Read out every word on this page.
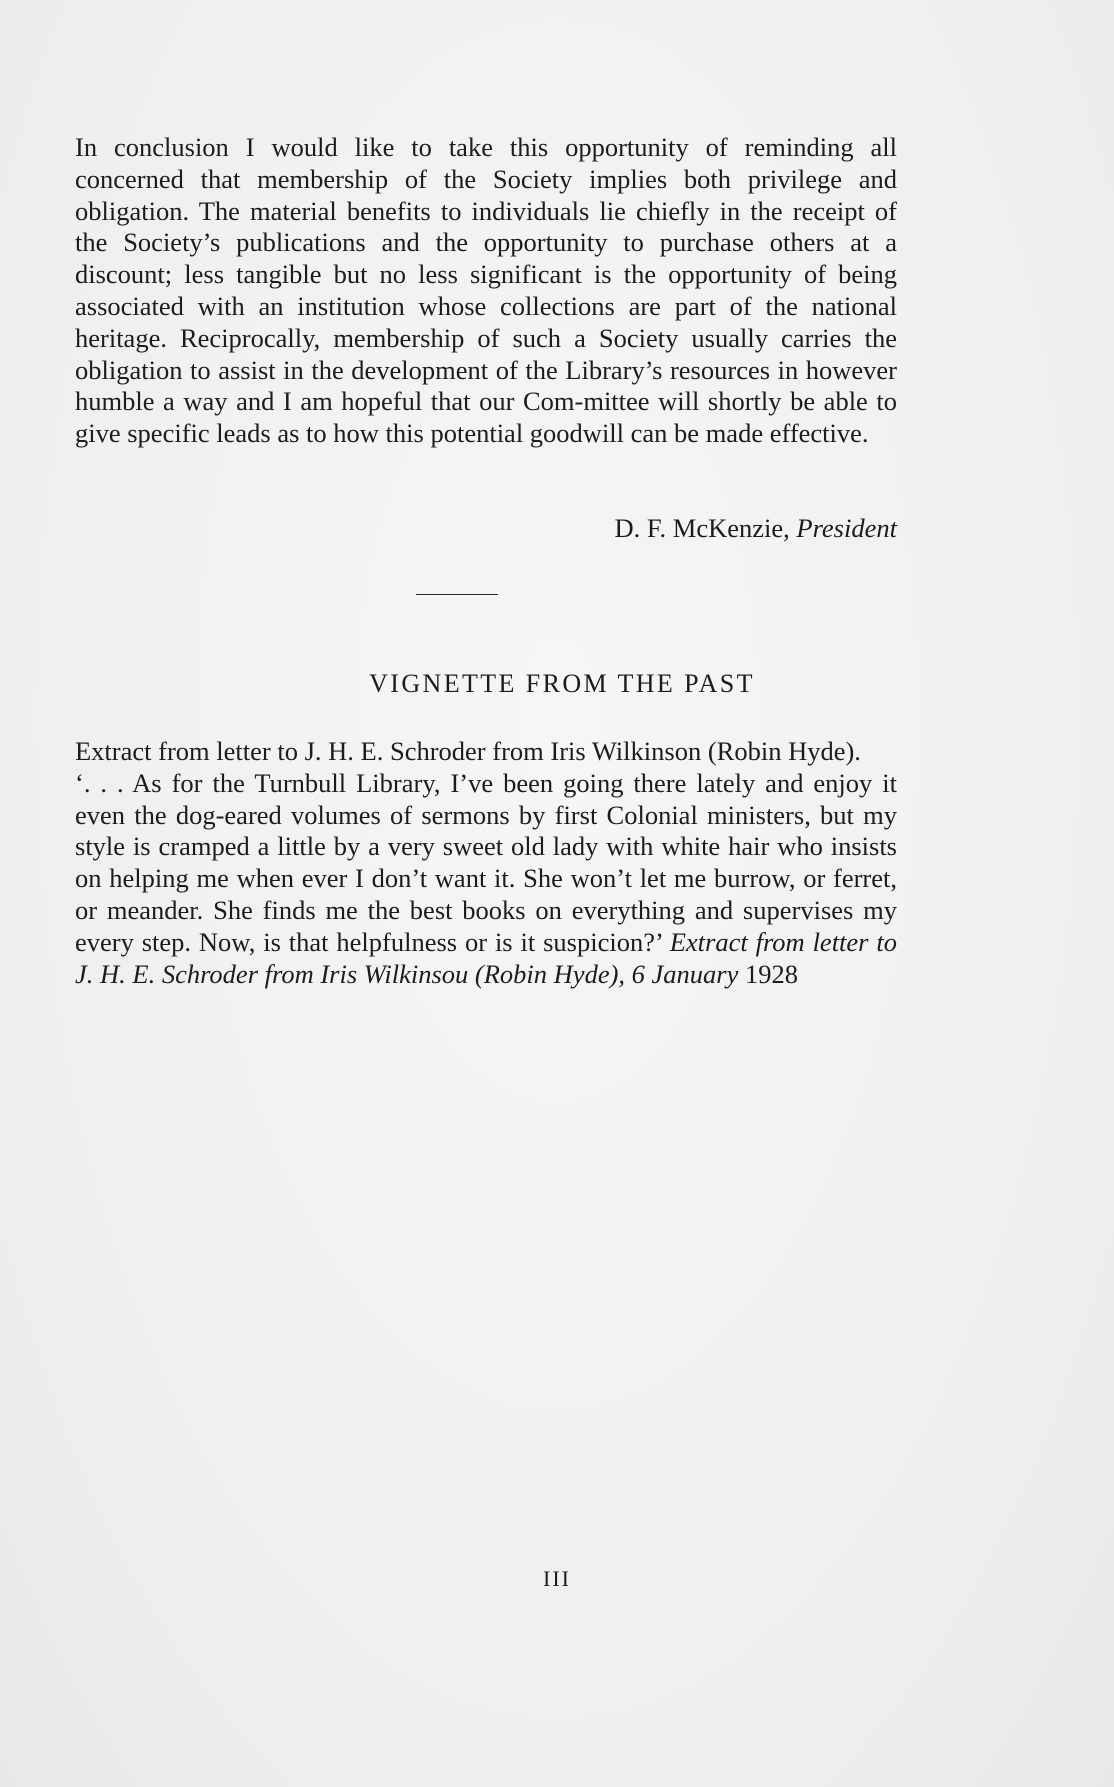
In conclusion I would like to take this opportunity of reminding all concerned that membership of the Society implies both privilege and obligation. The material benefits to individuals lie chiefly in the receipt of the Society’s publications and the opportunity to purchase others at a discount; less tangible but no less significant is the opportunity of being associated with an institution whose collections are part of the national heritage. Reciprocally, membership of such a Society usually carries the obligation to assist in the development of the Library’s resources in however humble a way and I am hopeful that our Com-mittee will shortly be able to give specific leads as to how this potential goodwill can be made effective.

D. F. McKenzie, President
VIGNETTE FROM THE PAST
Extract from letter to J. H. E. Schroder from Iris Wilkinson (Robin Hyde).
‘. . . As for the Turnbull Library, I’ve been going there lately and enjoy it even the dog-eared volumes of sermons by first Colonial ministers, but my style is cramped a little by a very sweet old lady with white hair who insists on helping me when ever I don’t want it. She won’t let me burrow, or ferret, or meander. She finds me the best books on everything and supervises my every step. Now, is that helpfulness or is it suspicion?’ Extract from letter to J. H. E. Schroder from Iris Wilkinsou (Robin Hyde), 6 January 1928
III
